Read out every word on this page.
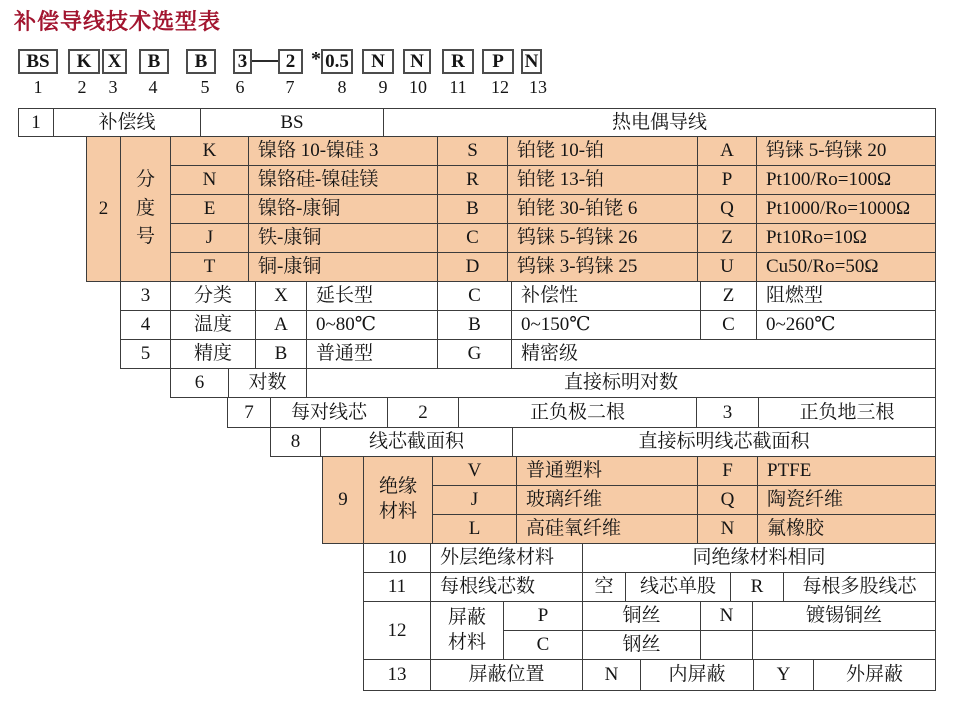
补偿导线技术选型表
BS K X B B 3 2 * 0.5 N N R P N
1	2	3	4	5	6	7	8	9	10 11 12 13
1	补偿线	BS	热电偶导线
2
分度号
K	镍铬 10-镍硅 3	S	铂铑 10-铂	A	钨铼 5-钨铼 20
N	镍铬硅-镍硅镁	R	铂铑 13-铂	P	Pt100/Ro=100Ω
E	镍铬-康铜	B	铂铑 30-铂铑 6	Q	Pt1000/Ro=1000Ω
J	铁-康铜	C	钨铼 5-钨铼 26	Z	Pt10Ro=10Ω
T	铜-康铜	D	钨铼 3-钨铼 25	U	Cu50/Ro=50Ω
3	分类	X	延长型	C	补偿性	Z	阻燃型
4	温度	A	0~80℃	B	0~150℃	C	0~260℃
5	精度	B	普通型	G	精密级
6	对数	直接标明对数
7	每对线芯	2	正负极二根	3	正负地三根
8	线芯截面积	直接标明线芯截面积
9
绝缘材料
V	普通塑料	F	PTFE
J	玻璃纤维	Q	陶瓷纤维
L	高硅氧纤维	N	氟橡胶
10	外层绝缘材料	同绝缘材料相同
11	每根线芯数	空	线芯单股	R	每根多股线芯
12
屏蔽材料
P	铜丝	N	镀锡铜丝
C	钢丝
13	屏蔽位置	N	内屏蔽	Y	外屏蔽
